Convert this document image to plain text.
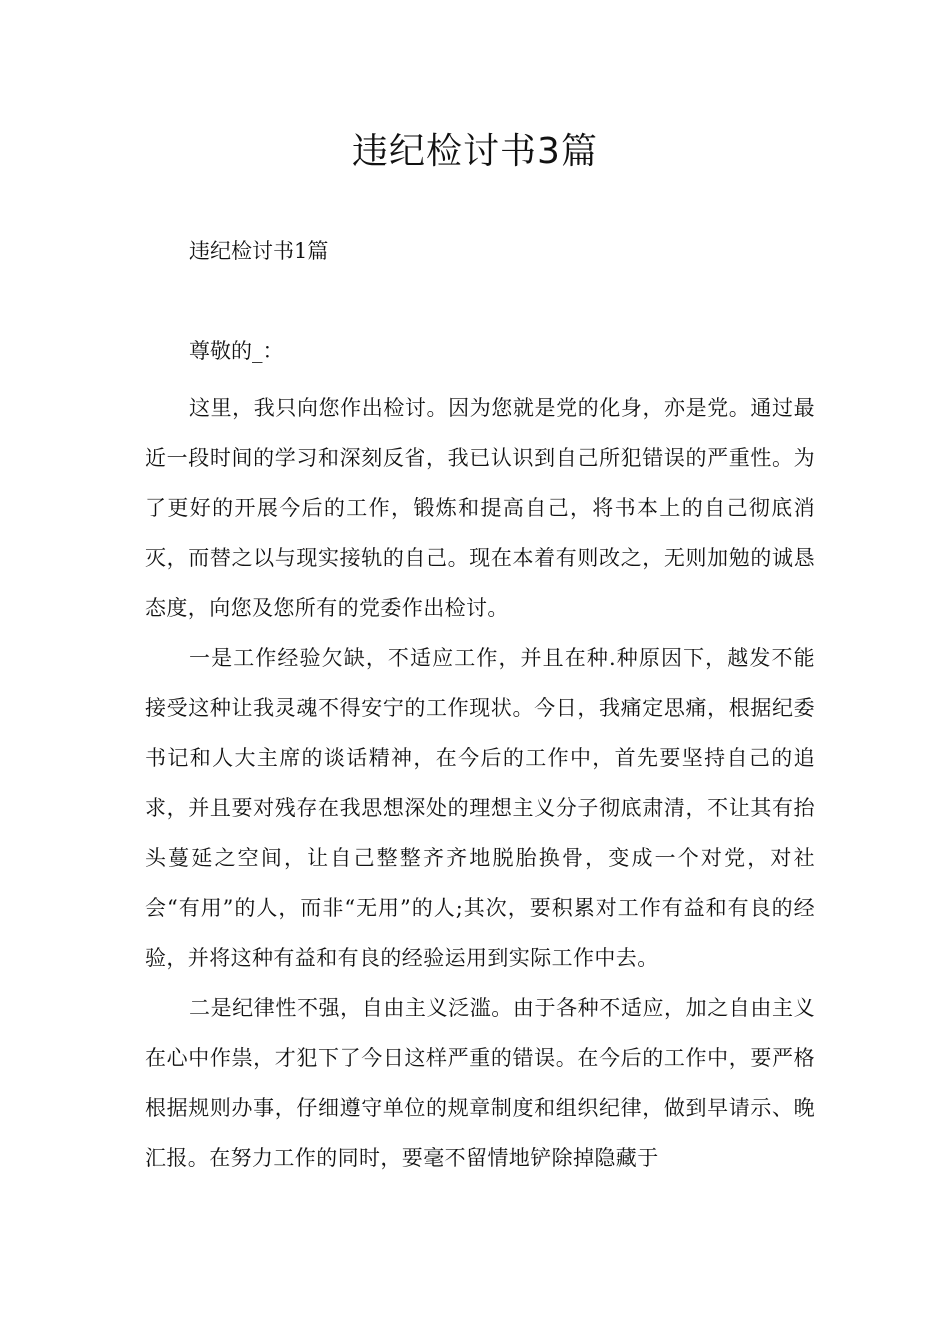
违纪检讨书3篇
违纪检讨书1篇

尊敬的_：

这里，我只向您作出检讨。因为您就是党的化身，亦是党。通过最近一段时间的学习和深刻反省，我已认识到自己所犯错误的严重性。为了更好的开展今后的工作，锻炼和提高自己，将书本上的自己彻底消灭，而替之以与现实接轨的自己。现在本着有则改之，无则加勉的诚恳态度，向您及您所有的党委作出检讨。

一是工作经验欠缺，不适应工作，并且在种.种原因下，越发不能接受这种让我灵魂不得安宁的工作现状。今日，我痛定思痛，根据纪委书记和人大主席的谈话精神，在今后的工作中，首先要坚持自己的追求，并且要对残存在我思想深处的理想主义分子彻底肃清，不让其有抬头蔓延之空间，让自己整整齐齐地脱胎换骨，变成一个对党，对社会“有用”的人，而非“无用”的人;其次，要积累对工作有益和有良的经验，并将这种有益和有良的经验运用到实际工作中去。

二是纪律性不强，自由主义泛滥。由于各种不适应，加之自由主义在心中作祟，才犯下了今日这样严重的错误。在今后的工作中，要严格根据规则办事，仔细遵守单位的规章制度和组织纪律，做到早请示、晚汇报。在努力工作的同时，要毫不留情地铲除掉隐藏于
